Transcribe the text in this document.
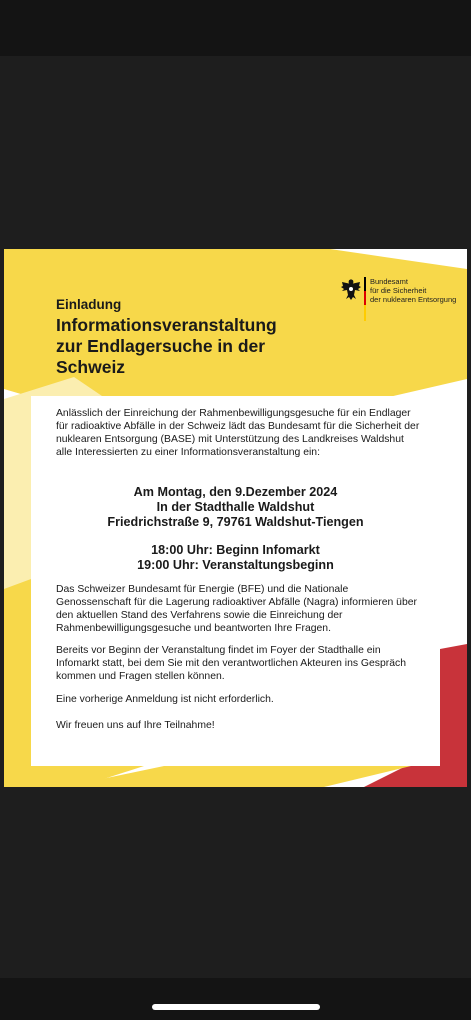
Bundesamt
für die Sicherheit
der nuklearen Entsorgung
Einladung
Informationsveranstaltung
zur Endlagersuche in der
Schweiz
Anlässlich der Einreichung der Rahmenbewilligungsgesuche für ein Endlager für radioaktive Abfälle in der Schweiz lädt das Bundesamt für die Sicherheit der nuklearen Entsorgung (BASE) mit Unterstützung des Landkreises Waldshut alle Interessierten zu einer Informationsveranstaltung ein:
Am Montag, den 9.Dezember 2024
In der Stadthalle Waldshut
Friedrichstraße 9, 79761 Waldshut-Tiengen
18:00 Uhr: Beginn Infomarkt
19:00 Uhr: Veranstaltungsbeginn
Das Schweizer Bundesamt für Energie (BFE) und die Nationale Genossenschaft für die Lagerung radioaktiver Abfälle (Nagra) informieren über den aktuellen Stand des Verfahrens sowie die Einreichung der Rahmenbewilligungsgesuche und beantworten Ihre Fragen.
Bereits vor Beginn der Veranstaltung findet im Foyer der Stadthalle ein Infomarkt statt, bei dem Sie mit den verantwortlichen Akteuren ins Gespräch kommen und Fragen stellen können.
Eine vorherige Anmeldung ist nicht erforderlich.
Wir freuen uns auf Ihre Teilnahme!
